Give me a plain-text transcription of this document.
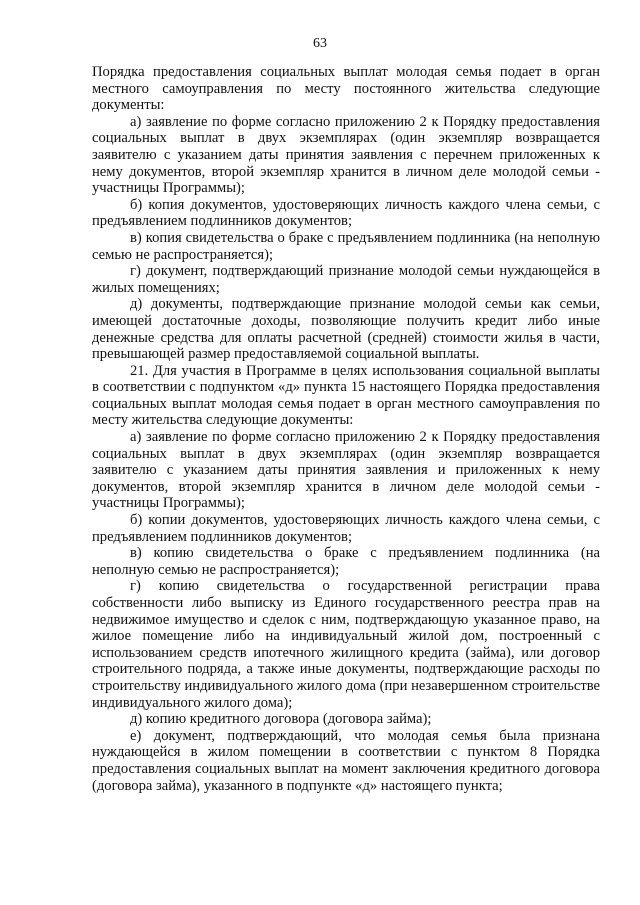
63

Порядка предоставления социальных выплат молодая семья подает в орган местного самоуправления по месту постоянного жительства следующие документы:

а) заявление по форме согласно приложению 2 к Порядку предоставления социальных выплат в двух экземплярах (один экземпляр возвращается заявителю с указанием даты принятия заявления с перечнем приложенных к нему документов, второй экземпляр хранится в личном деле молодой семьи - участницы Программы);

б) копия документов, удостоверяющих личность каждого члена семьи, с предъявлением подлинников документов;

в) копия свидетельства о браке с предъявлением подлинника (на неполную семью не распространяется);

г) документ, подтверждающий признание молодой семьи нуждающейся в жилых помещениях;

д) документы, подтверждающие признание молодой семьи как семьи, имеющей достаточные доходы, позволяющие получить кредит либо иные денежные средства для оплаты расчетной (средней) стоимости жилья в части, превышающей размер предоставляемой социальной выплаты.

21. Для участия в Программе в целях использования социальной выплаты в соответствии с подпунктом «д» пункта 15 настоящего Порядка предоставления социальных выплат молодая семья подает в орган местного самоуправления по месту жительства следующие документы:

а) заявление по форме согласно приложению 2 к Порядку предоставления социальных выплат в двух экземплярах (один экземпляр возвращается заявителю с указанием даты принятия заявления и приложенных к нему документов, второй экземпляр хранится в личном деле молодой семьи - участницы Программы);

б) копии документов, удостоверяющих личность каждого члена семьи, с предъявлением подлинников документов;

в) копию свидетельства о браке с предъявлением подлинника (на неполную семью не распространяется);

г) копию свидетельства о государственной регистрации права собственности либо выписку из Единого государственного реестра прав на недвижимое имущество и сделок с ним, подтверждающую указанное право, на жилое помещение либо на индивидуальный жилой дом, построенный с использованием средств ипотечного жилищного кредита (займа), или договор строительного подряда, а также иные документы, подтверждающие расходы по строительству индивидуального жилого дома (при незавершенном строительстве индивидуального жилого дома);

д) копию кредитного договора (договора займа);

е) документ, подтверждающий, что молодая семья была признана нуждающейся в жилом помещении в соответствии с пунктом 8 Порядка предоставления социальных выплат на момент заключения кредитного договора (договора займа), указанного в подпункте «д» настоящего пункта;
